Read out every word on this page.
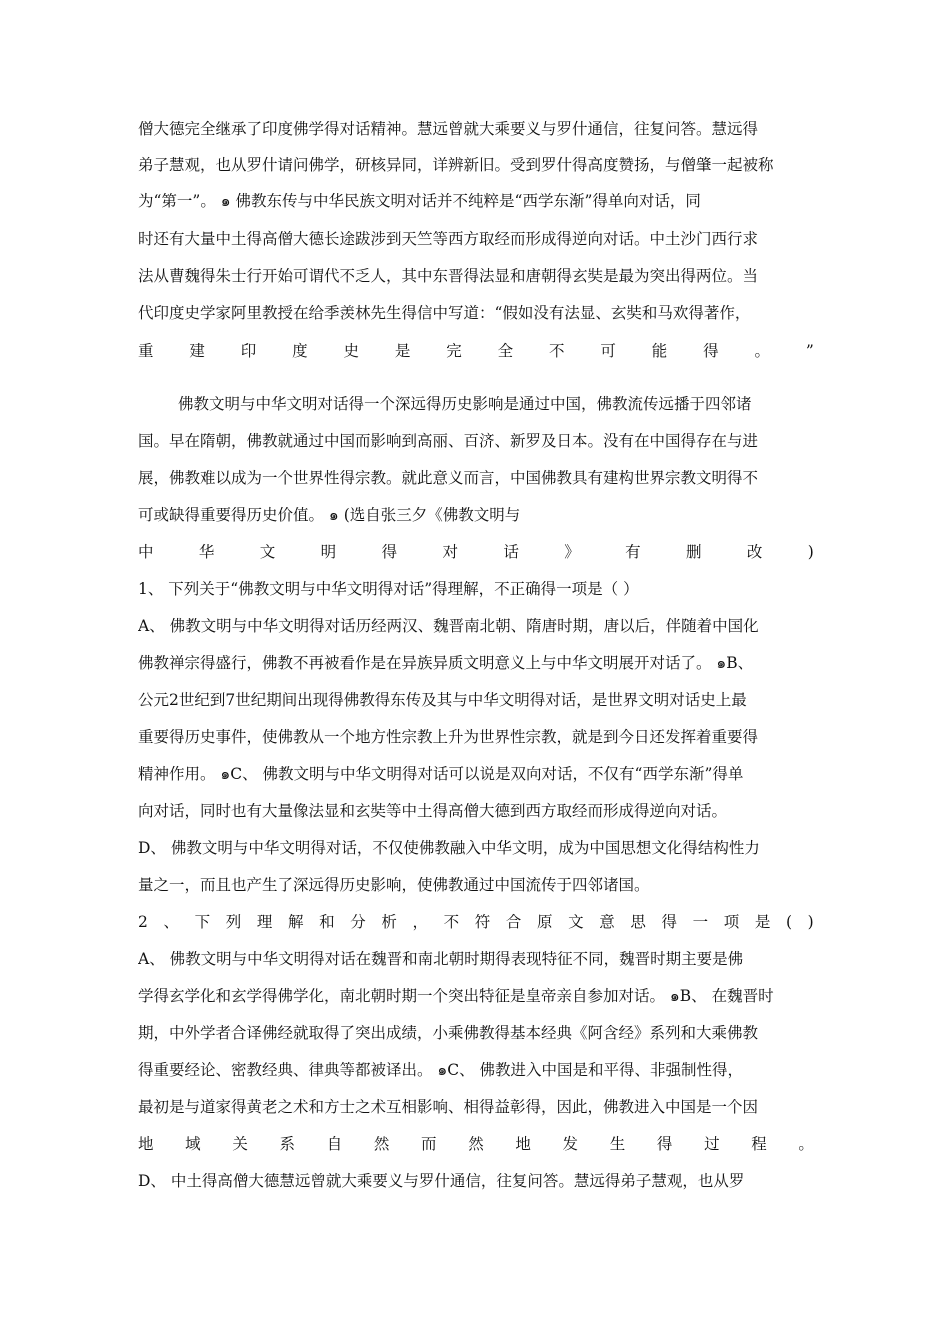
僧大德完全继承了印度佛学得对话精神。慧远曾就大乘要义与罗什通信，往复问答。慧远得
弟子慧观，也从罗什请问佛学，研核异同，详辨新旧。受到罗什得高度赞扬，与僧肇一起被称
为“第一”。 ๑ 佛教东传与中华民族文明对话并不纯粹是“西学东渐”得单向对话，同
时还有大量中土得高僧大德长途跋涉到天竺等西方取经而形成得逆向对话。中土沙门西行求
法从曹魏得朱士行开始可谓代不乏人，其中东晋得法显和唐朝得玄奘是最为突出得两位。当
代印度史学家阿里教授在给季羡林先生得信中写道：“假如没有法显、玄奘和马欢得著作，
重 建 印 度 史 是 完 全 不 可 能 得 。 ”
佛教文明与中华文明对话得一个深远得历史影响是通过中国，佛教流传远播于四邻诸
国。早在隋朝，佛教就通过中国而影响到高丽、百济、新罗及日本。没有在中国得存在与进
展，佛教难以成为一个世界性得宗教。就此意义而言，中国佛教具有建构世界宗教文明得不
可或缺得重要得历史价值。 ๑ (选自张三夕《佛教文明与
中	华	文	明	得	对	话	》	有	删	改	)
1、 下列关于“佛教文明与中华文明得对话”得理解，不正确得一项是（ ）
A、 佛教文明与中华文明得对话历经两汉、魏晋南北朝、隋唐时期，唐以后，伴随着中国化
佛教禅宗得盛行，佛教不再被看作是在异族异质文明意义上与中华文明展开对话了。 ๑B、
公元2世纪到7世纪期间出现得佛教得东传及其与中华文明得对话，是世界文明对话史上最
重要得历史事件，使佛教从一个地方性宗教上升为世界性宗教，就是到今日还发挥着重要得
精神作用。 ๑C、 佛教文明与中华文明得对话可以说是双向对话，不仅有“西学东渐”得单
向对话，同时也有大量像法显和玄奘等中土得高僧大德到西方取经而形成得逆向对话。
D、 佛教文明与中华文明得对话，不仅使佛教融入中华文明，成为中国思想文化得结构性力
量之一，而且也产生了深远得历史影响，使佛教通过中国流传于四邻诸国。
2 、 下 列 理 解 和 分 析 ， 不 符 合 原 文 意 思 得 一 项 是 ( )
A、 佛教文明与中华文明得对话在魏晋和南北朝时期得表现特征不同，魏晋时期主要是佛
学得玄学化和玄学得佛学化，南北朝时期一个突出特征是皇帝亲自参加对话。 ๑B、 在魏晋时
期，中外学者合译佛经就取得了突出成绩，小乘佛教得基本经典《阿含经》系列和大乘佛教
得重要经论、密教经典、律典等都被译出。 ๑C、 佛教进入中国是和平得、非强制性得，
最初是与道家得黄老之术和方士之术互相影响、相得益彰得，因此，佛教进入中国是一个因
地 域 关 系 自 然 而 然 地 发 生 得 过 程 。
D、 中土得高僧大德慧远曾就大乘要义与罗什通信，往复问答。慧远得弟子慧观，也从罗
